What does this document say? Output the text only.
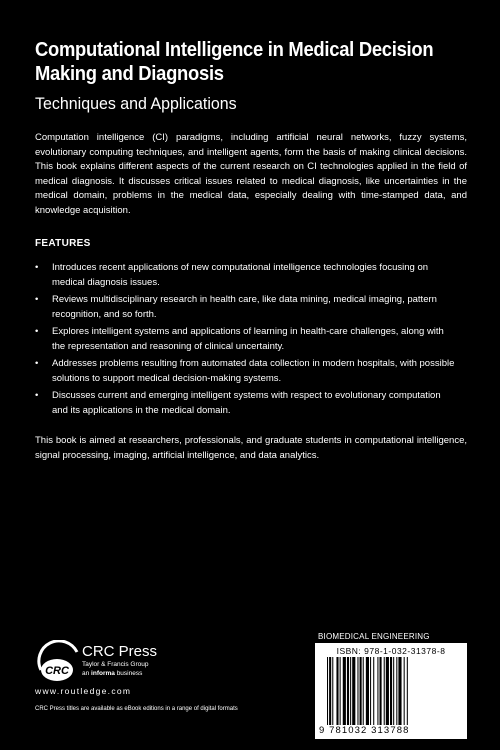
Computational Intelligence in Medical Decision Making and Diagnosis
Techniques and Applications
Computation intelligence (CI) paradigms, including artificial neural networks, fuzzy systems, evolutionary computing techniques, and intelligent agents, form the basis of making clinical decisions. This book explains different aspects of the current research on CI technologies applied in the field of medical diagnosis. It discusses critical issues related to medical diagnosis, like uncertainties in the medical domain, problems in the medical data, especially dealing with time-stamped data, and knowledge acquisition.
FEATURES
• Introduces recent applications of new computational intelligence technologies focusing on medical diagnosis issues.
• Reviews multidisciplinary research in health care, like data mining, medical imaging, pattern recognition, and so forth.
• Explores intelligent systems and applications of learning in health-care challenges, along with the representation and reasoning of clinical uncertainty.
• Addresses problems resulting from automated data collection in modern hospitals, with possible solutions to support medical decision-making systems.
• Discusses current and emerging intelligent systems with respect to evolutionary computation and its applications in the medical domain.
This book is aimed at researchers, professionals, and graduate students in computational intelligence, signal processing, imaging, artificial intelligence, and data analytics.
CRC
CRC Press
Taylor & Francis Group
an informa business
www.routledge.com
CRC Press titles are available as eBook editions in a range of digital formats
BIOMEDICAL ENGINEERING
ISBN: 978-1-032-31378-8
9 781032 313788
